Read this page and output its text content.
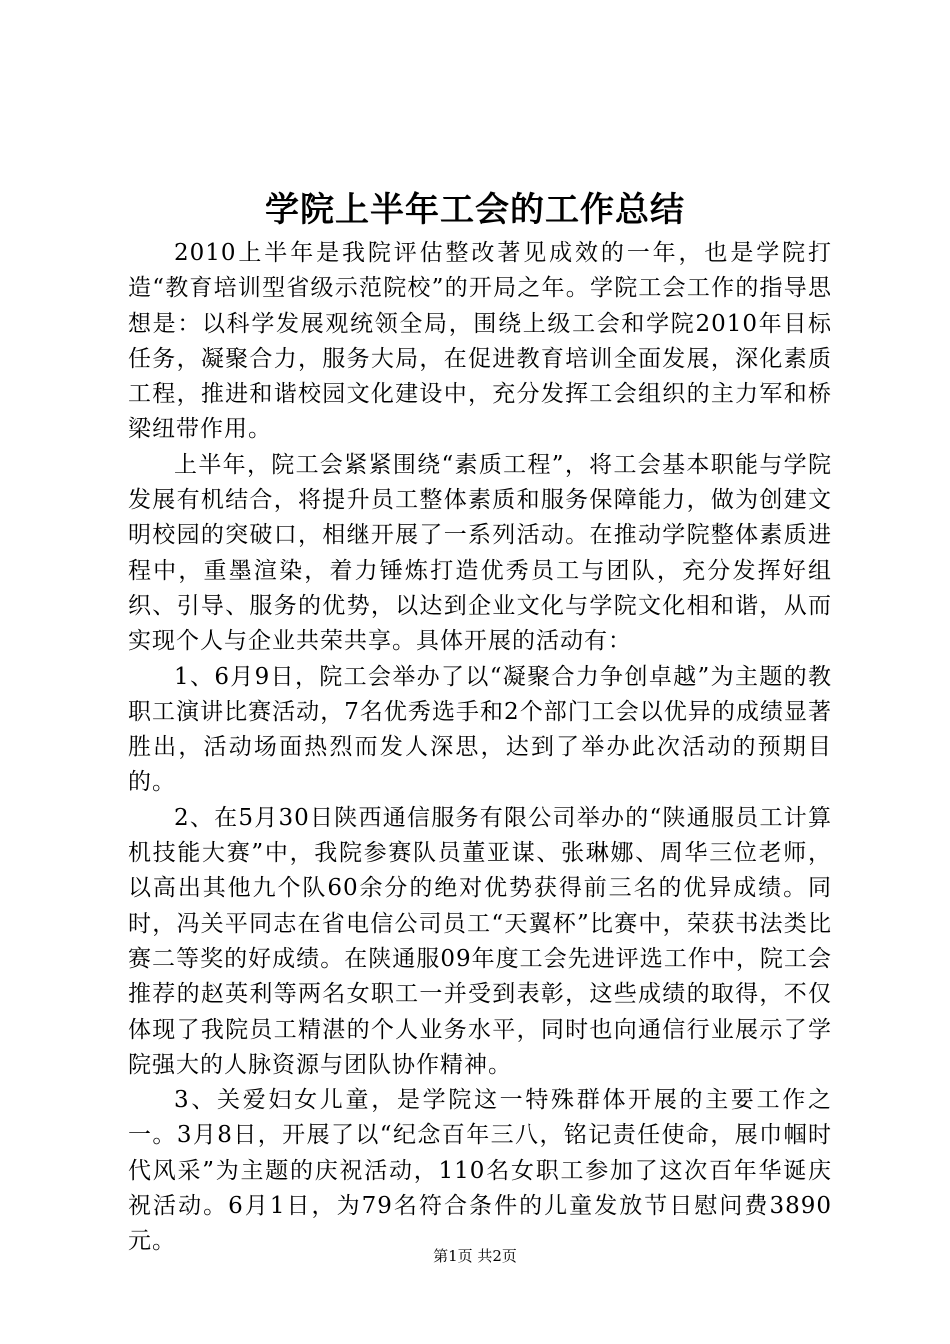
学院上半年工会的工作总结

2010上半年是我院评估整改著见成效的一年，也是学院打造“教育培训型省级示范院校”的开局之年。学院工会工作的指导思想是：以科学发展观统领全局，围绕上级工会和学院2010年目标任务，凝聚合力，服务大局，在促进教育培训全面发展，深化素质工程，推进和谐校园文化建设中，充分发挥工会组织的主力军和桥梁纽带作用。

上半年，院工会紧紧围绕“素质工程”，将工会基本职能与学院发展有机结合，将提升员工整体素质和服务保障能力，做为创建文明校园的突破口，相继开展了一系列活动。在推动学院整体素质进程中，重墨渲染，着力锤炼打造优秀员工与团队，充分发挥好组织、引导、服务的优势，以达到企业文化与学院文化相和谐，从而实现个人与企业共荣共享。具体开展的活动有：

1、6月9日，院工会举办了以“凝聚合力争创卓越”为主题的教职工演讲比赛活动，7名优秀选手和2个部门工会以优异的成绩显著胜出，活动场面热烈而发人深思，达到了举办此次活动的预期目的。

2、在5月30日陕西通信服务有限公司举办的“陕通服员工计算机技能大赛”中，我院参赛队员董亚谋、张琳娜、周华三位老师，以高出其他九个队60余分的绝对优势获得前三名的优异成绩。同时，冯关平同志在省电信公司员工“天翼杯”比赛中，荣获书法类比赛二等奖的好成绩。在陕通服09年度工会先进评选工作中，院工会推荐的赵英利等两名女职工一并受到表彰，这些成绩的取得，不仅体现了我院员工精湛的个人业务水平，同时也向通信行业展示了学院强大的人脉资源与团队协作精神。

3、关爱妇女儿童，是学院这一特殊群体开展的主要工作之一。3月8日，开展了以“纪念百年三八，铭记责任使命，展巾帼时代风采”为主题的庆祝活动，110名女职工参加了这次百年华诞庆祝活动。6月1日，为79名符合条件的儿童发放节日慰问费3890元。

第1页 共2页
